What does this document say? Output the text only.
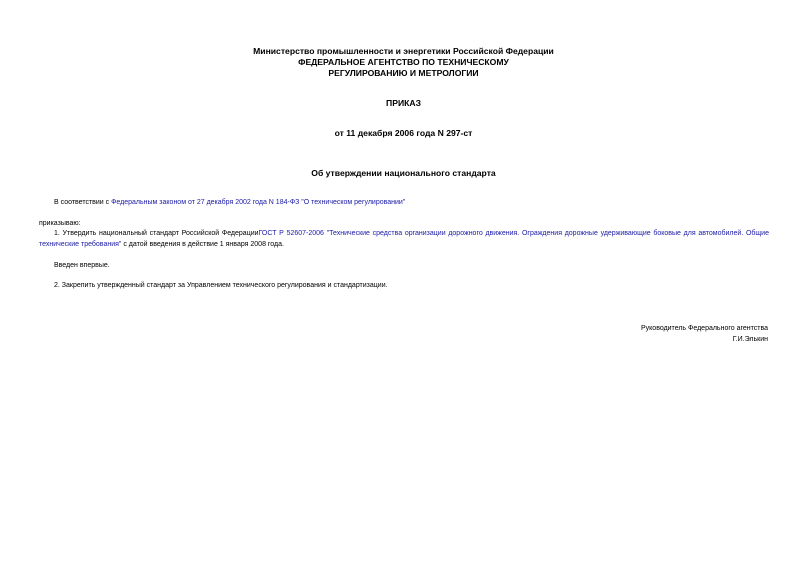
Министерство промышленности и энергетики Российской Федерации
ФЕДЕРАЛЬНОЕ АГЕНТСТВО ПО ТЕХНИЧЕСКОМУ
РЕГУЛИРОВАНИЮ И МЕТРОЛОГИИ
ПРИКАЗ
от 11 декабря 2006 года N 297-ст
Об утверждении национального стандарта
В соответствии с Федеральным законом от 27 декабря 2002 года N 184-ФЗ "О техническом регулировании"
приказываю:
1. Утвердить национальный стандарт Российской ФедерацииГОСТ Р 52607-2006 "Технические средства организации дорожного движения. Ограждения дорожные удерживающие боковые для автомобилей. Общие технические требования" с датой введения в действие 1 января 2008 года.
Введен впервые.
2. Закрепить утвержденный стандарт за Управлением технического регулирования и стандартизации.
Руководитель Федерального агентства
Г.И.Элькин
